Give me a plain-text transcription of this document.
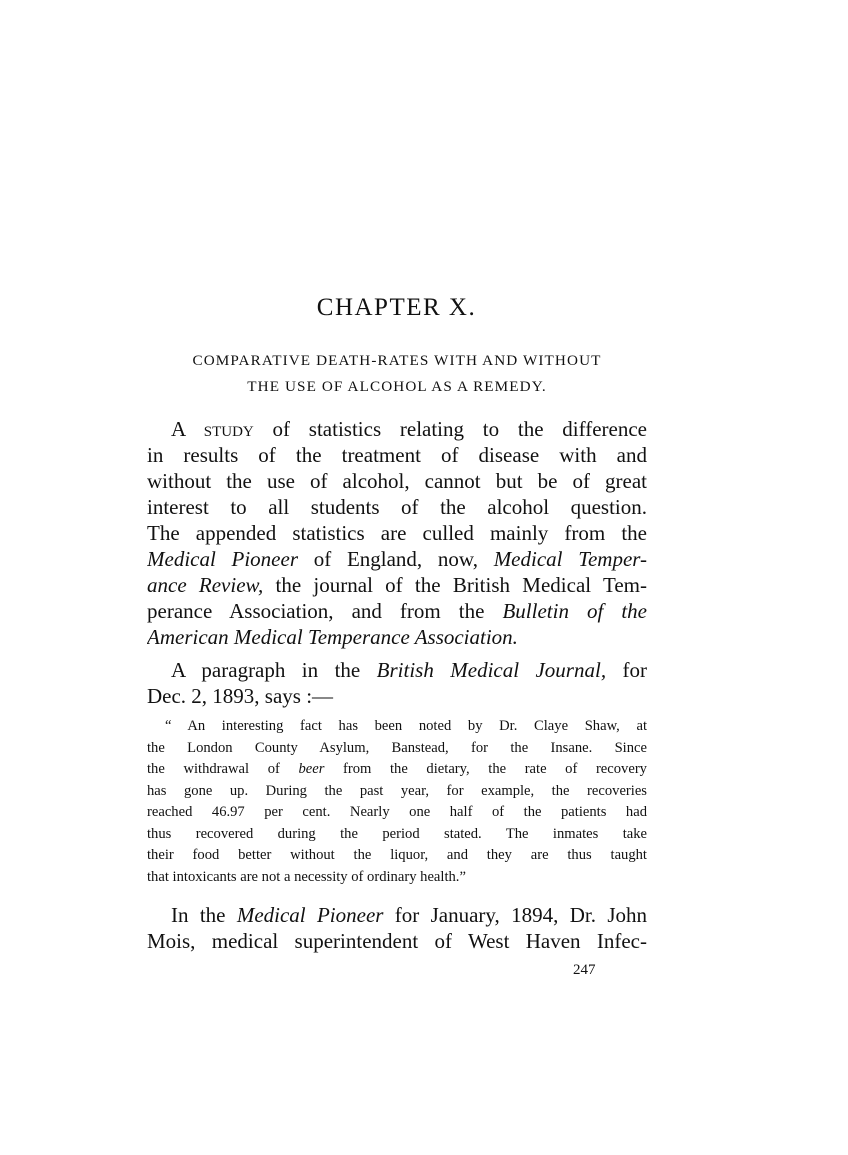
CHAPTER X.
COMPARATIVE DEATH-RATES WITH AND WITHOUT
THE USE OF ALCOHOL AS A REMEDY.
A study of statistics relating to the difference
in results of the treatment of disease with and
without the use of alcohol, cannot but be of great
interest to all students of the alcohol question.
The appended statistics are culled mainly from the
Medical Pioneer of England, now, Medical Temper-
ance Review, the journal of the British Medical Tem-
perance Association, and from the Bulletin of the
American Medical Temperance Association.
A paragraph in the British Medical Journal, for
Dec. 2, 1893, says :—
“ An interesting fact has been noted by Dr. Claye Shaw, at
the London County Asylum, Banstead, for the Insane. Since
the withdrawal of beer from the dietary, the rate of recovery
has gone up. During the past year, for example, the recoveries
reached 46.97 per cent. Nearly one half of the patients had
thus recovered during the period stated. The inmates take
their food better without the liquor, and they are thus taught
that intoxicants are not a necessity of ordinary health.”
In the Medical Pioneer for January, 1894, Dr. John
Mois, medical superintendent of West Haven Infec-
247
